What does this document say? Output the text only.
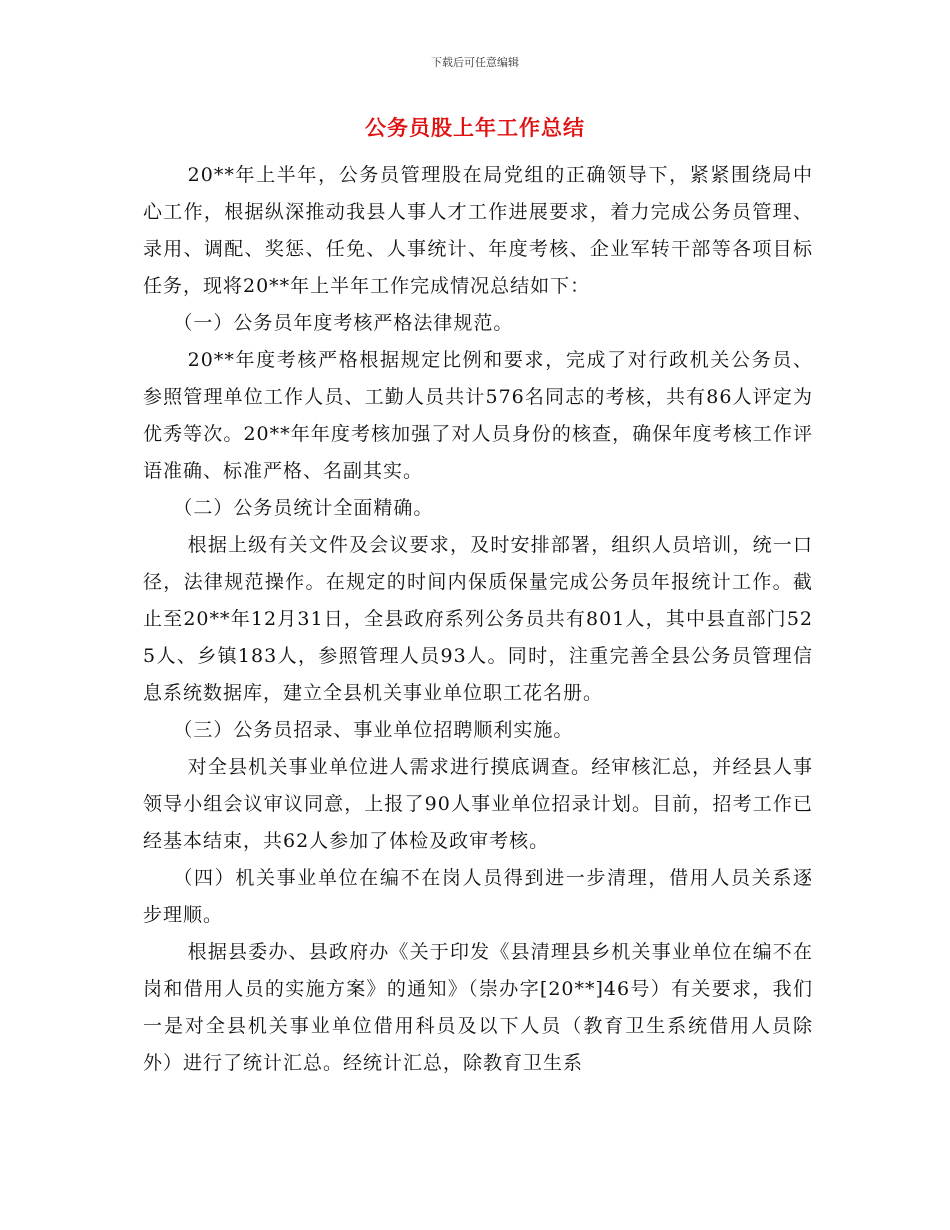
下载后可任意编辑
公务员股上年工作总结

20**年上半年，公务员管理股在局党组的正确领导下，紧紧围绕局中心工作，根据纵深推动我县人事人才工作进展要求，着力完成公务员管理、录用、调配、奖惩、任免、人事统计、年度考核、企业军转干部等各项目标任务，现将20**年上半年工作完成情况总结如下：

（一）公务员年度考核严格法律规范。

20**年度考核严格根据规定比例和要求，完成了对行政机关公务员、参照管理单位工作人员、工勤人员共计576名同志的考核，共有86人评定为优秀等次。20**年年度考核加强了对人员身份的核查，确保年度考核工作评语准确、标准严格、名副其实。

（二）公务员统计全面精确。

根据上级有关文件及会议要求，及时安排部署，组织人员培训，统一口径，法律规范操作。在规定的时间内保质保量完成公务员年报统计工作。截止至20**年12月31日，全县政府系列公务员共有801人，其中县直部门525人、乡镇183人，参照管理人员93人。同时，注重完善全县公务员管理信息系统数据库，建立全县机关事业单位职工花名册。

（三）公务员招录、事业单位招聘顺利实施。

对全县机关事业单位进人需求进行摸底调查。经审核汇总，并经县人事领导小组会议审议同意，上报了90人事业单位招录计划。目前，招考工作已经基本结束，共62人参加了体检及政审考核。

（四）机关事业单位在编不在岗人员得到进一步清理，借用人员关系逐步理顺。

根据县委办、县政府办《关于印发《县清理县乡机关事业单位在编不在岗和借用人员的实施方案》的通知》（崇办字[20**]46号）有关要求，我们一是对全县机关事业单位借用科员及以下人员（教育卫生系统借用人员除外）进行了统计汇总。经统计汇总，除教育卫生系
